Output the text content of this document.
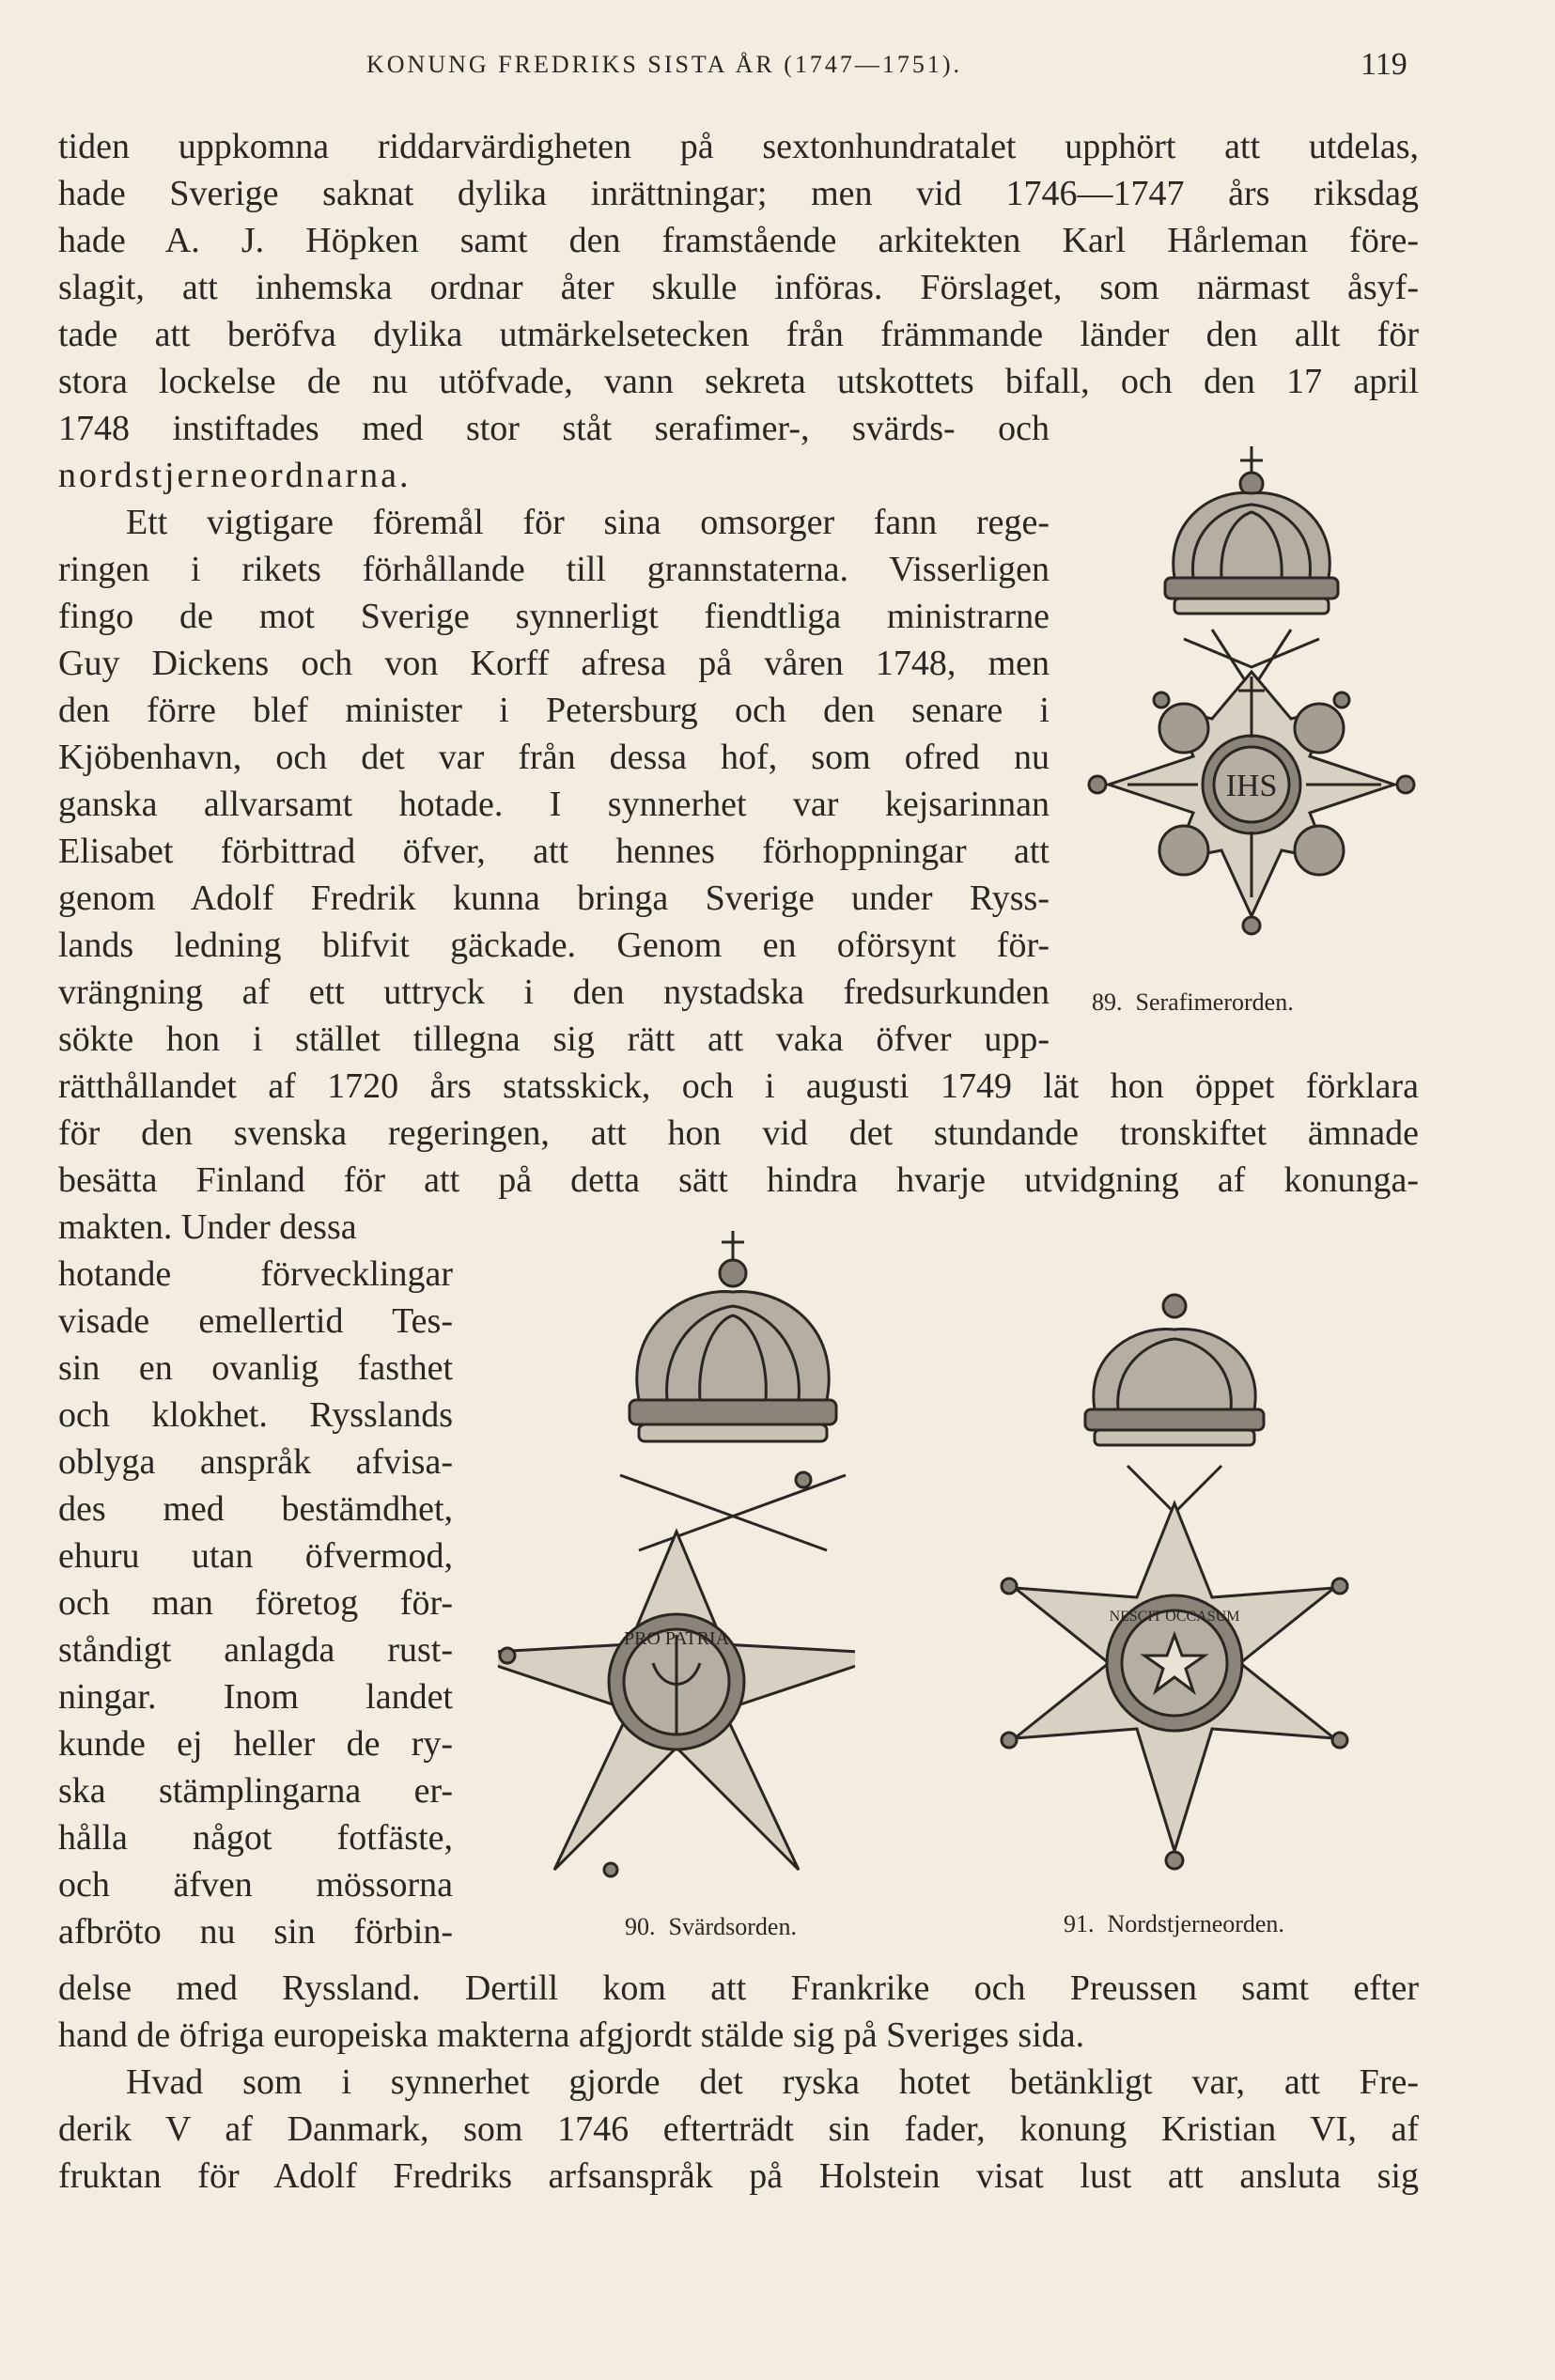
KONUNG FREDRIKS SISTA ÅR (1747—1751).	119
tiden uppkomna riddarvärdigheten på sextonhundratalet upphört att utdelas,
hade Sverige saknat dylika inrättningar; men vid 1746—1747 års riksdag
hade A. J. Höpken samt den framstående arkitekten Karl Hårleman före-
slagit, att inhemska ordnar åter skulle införas. Förslaget, som närmast åsyf-
tade att beröfva dylika utmärkelsetecken från främmande länder den allt för
stora lockelse de nu utöfvade, vann sekreta utskottets bifall, och den 17 april
1748 instiftades med stor ståt serafimer-, svärds- och
nordstjerneordnarna.
Ett vigtigare föremål för sina omsorger fann rege-
ringen i rikets förhållande till grannstaterna. Visserligen
fingo de mot Sverige synnerligt fiendtliga ministrarne
Guy Dickens och von Korff afresa på våren 1748, men
den förre blef minister i Petersburg och den senare i
Kjöbenhavn, och det var från dessa hof, som ofred nu
ganska allvarsamt hotade. I synnerhet var kejsarinnan
Elisabet förbittrad öfver, att hennes förhoppningar att
genom Adolf Fredrik kunna bringa Sverige under Ryss-
lands ledning blifvit gäckade. Genom en oförsynt för-
vrängning af ett uttryck i den nystadska fredsurkunden
sökte hon i stället tillegna sig rätt att vaka öfver upp-
rätthållandet af 1720 års statsskick, och i augusti 1749 lät hon öppet förklara
för den svenska regeringen, att hon vid det stundande tronskiftet ämnade
besätta Finland för att på detta sätt hindra hvarje utvidgning af konunga-
makten. Under dessa
hotande förvecklingar
visade emellertid Tes-
sin en ovanlig fasthet
och klokhet. Rysslands
oblyga anspråk afvisa-
des med bestämdhet,
ehuru utan öfvermod,
och man företog för-
ståndigt anlagda rust-
ningar. Inom landet
kunde ej heller de ry-
ska stämplingarna er-
hålla något fotfäste,
och äfven mössorna
afbröto nu sin förbin-
delse med Ryssland. Dertill kom att Frankrike och Preussen samt efter
hand de öfriga europeiska makterna afgjordt stälde sig på Sveriges sida.
Hvad som i synnerhet gjorde det ryska hotet betänkligt var, att Fre-
derik V af Danmark, som 1746 efterträdt sin fader, konung Kristian VI, af
fruktan för Adolf Fredriks arfsanspråk på Holstein visat lust att ansluta sig
IHS
89. Serafimerorden.
PRO PATRIA
90. Svärdsorden.
NESCIT OCCASUM
91. Nordstjerneorden.
